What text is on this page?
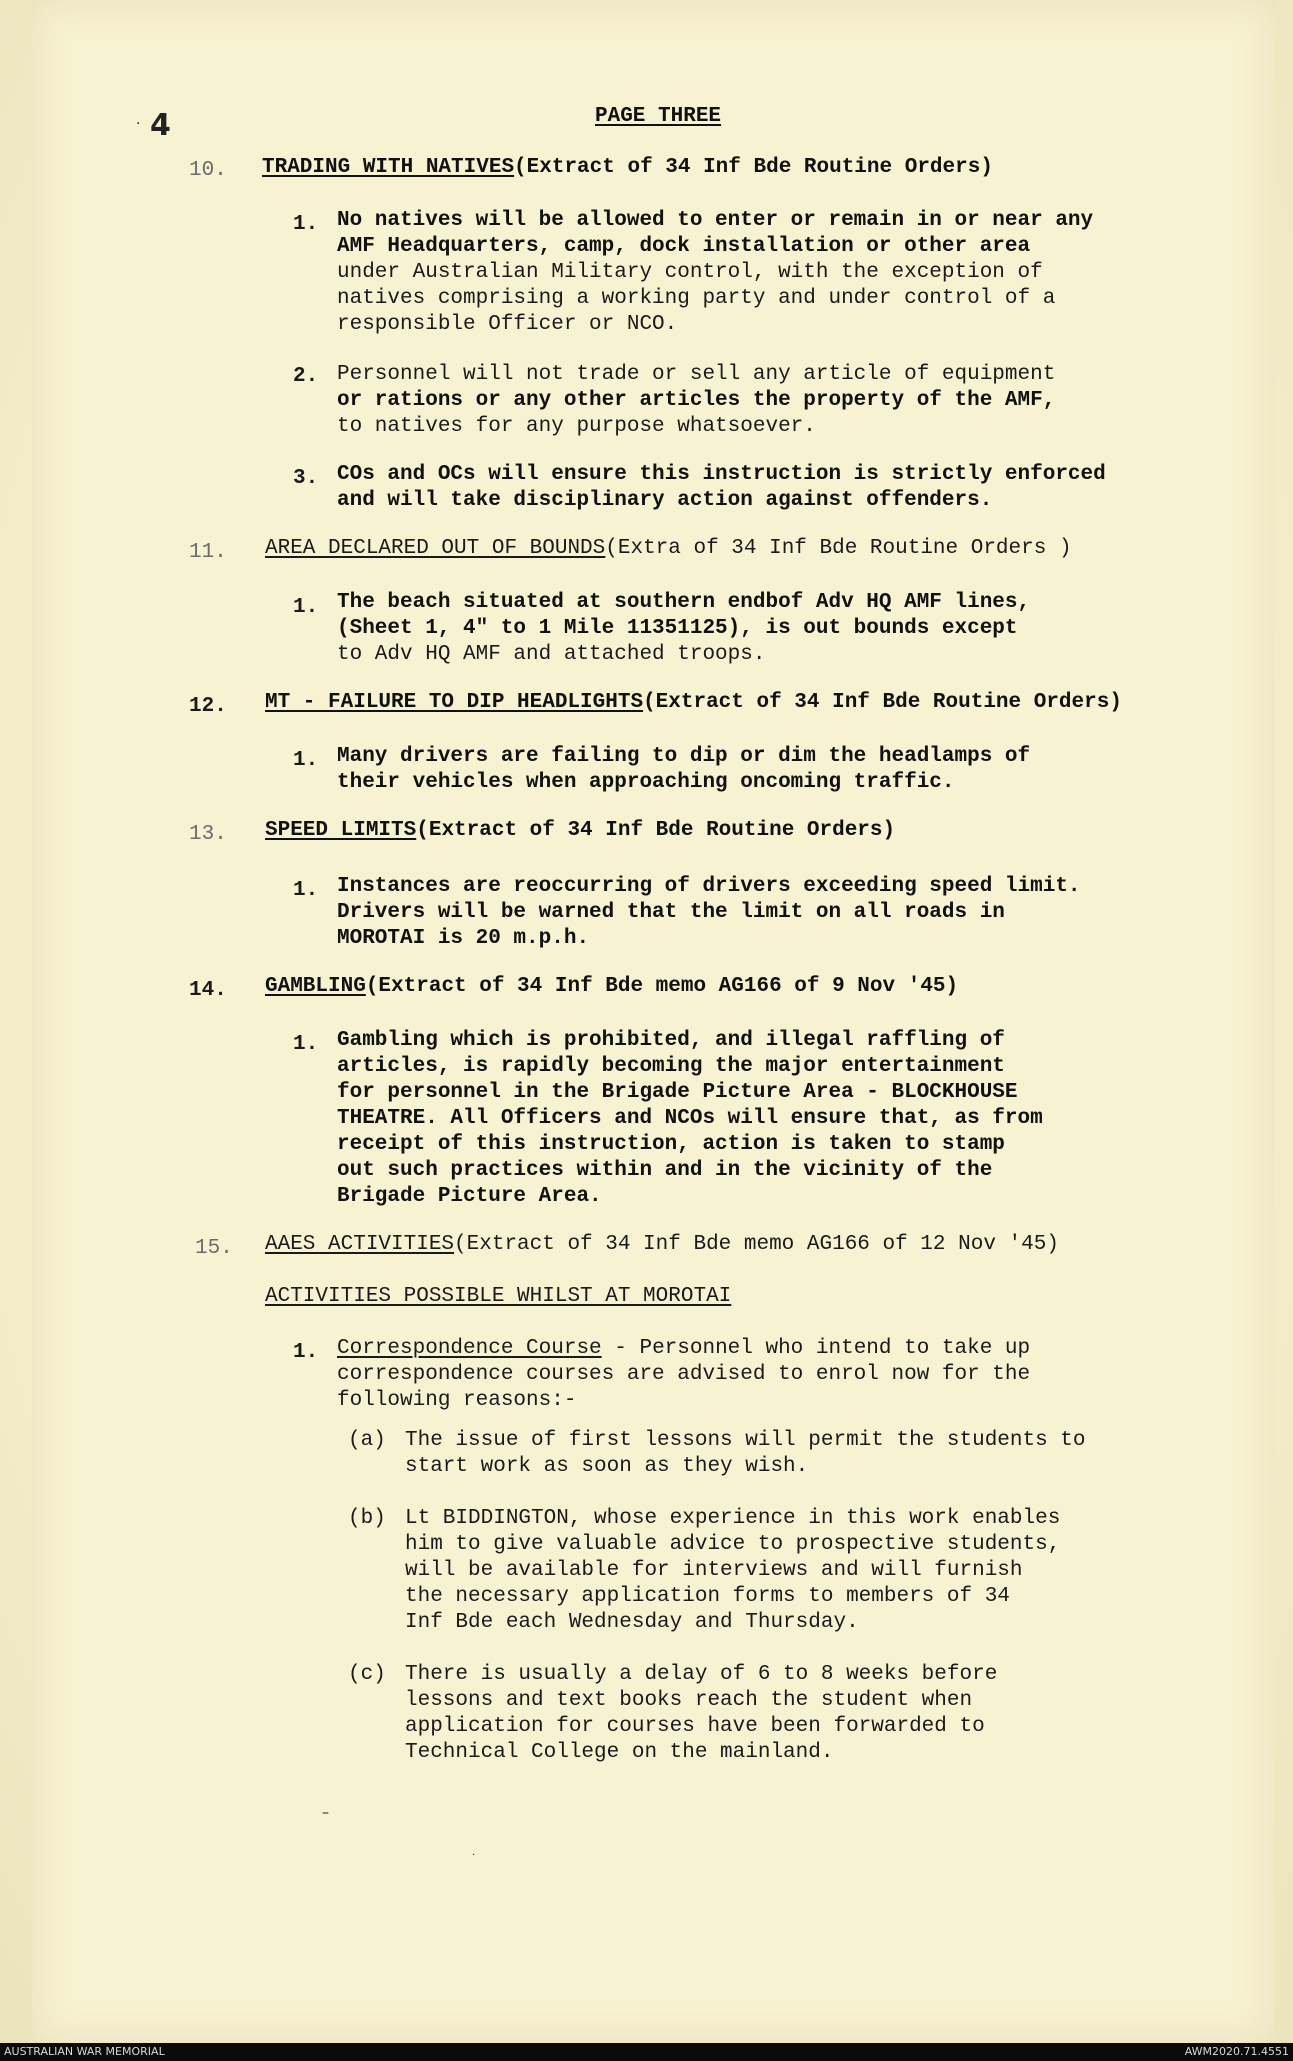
4
·	PAGE THREE

10. TRADING WITH NATIVES(Extract of 34 Inf Bde Routine Orders)

1. No natives will be allowed to enter or remain in or near any

AMF Headquarters, camp, dock installation or other area

under Australian Military control, with the exception of

natives comprising a working party and under control of a

responsible Officer or NCO.

2. Personnel will not trade or sell any article of equipment

or rations or any other articles the property of the AMF,

to natives for any purpose whatsoever.

3. COs and OCs will ensure this instruction is strictly enforced

and will take disciplinary action against offenders.

11. AREA DECLARED OUT OF BOUNDS(Extra of 34 Inf Bde Routine Orders )

1. The beach situated at southern endbof Adv HQ AMF lines,

(Sheet 1, 4" to 1 Mile 11351125), is out bounds except

to Adv HQ AMF and attached troops.

12. MT - FAILURE TO DIP HEADLIGHTS(Extract of 34 Inf Bde Routine Orders)

1. Many drivers are failing to dip or dim the headlamps of

their vehicles when approaching oncoming traffic.

13. SPEED LIMITS(Extract of 34 Inf Bde Routine Orders)

1. Instances are reoccurring of drivers exceeding speed limit.

Drivers will be warned that the limit on all roads in

MOROTAI is 20 m.p.h.

14. GAMBLING(Extract of 34 Inf Bde memo AG166 of 9 Nov '45)

1. Gambling which is prohibited, and illegal raffling of

articles, is rapidly becoming the major entertainment

for personnel in the Brigade Picture Area - BLOCKHOUSE

THEATRE. All Officers and NCOs will ensure that, as from

receipt of this instruction, action is taken to stamp

out such practices within and in the vicinity of the

Brigade Picture Area.

15. AAES ACTIVITIES(Extract of 34 Inf Bde memo AG166 of 12 Nov '45)

ACTIVITIES POSSIBLE WHILST AT MOROTAI

1. Correspondence Course - Personnel who intend to take up

correspondence courses are advised to enrol now for the

following reasons:-

(a) The issue of first lessons will permit the students to

start work as soon as they wish.

(b) Lt BIDDINGTON, whose experience in this work enables

him to give valuable advice to prospective students,

will be available for interviews and will furnish

the necessary application forms to members of 34

Inf Bde each Wednesday and Thursday.

(c) There is usually a delay of 6 to 8 weeks before

lessons and text books reach the student when

application for courses have been forwarded to

Technical College on the mainland.

–
·
AUSTRALIAN WAR MEMORIAL	AWM2020.71.4551
